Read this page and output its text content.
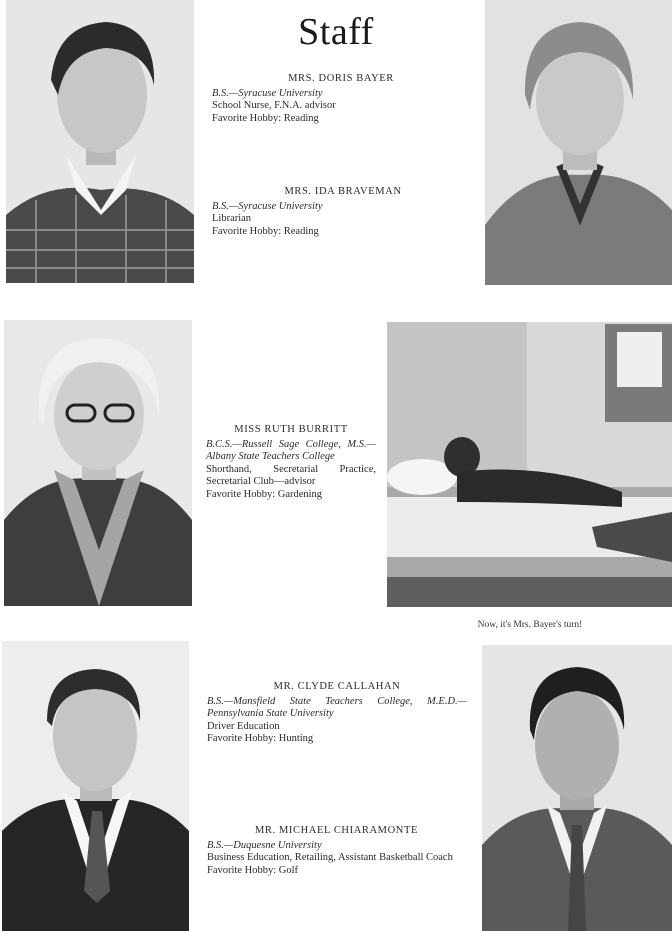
Staff
MRS. DORIS BAYER
B.S.—Syracuse University
School Nurse, F.N.A. advisor
Favorite Hobby: Reading
MRS. IDA BRAVEMAN
B.S.—Syracuse University
Librarian
Favorite Hobby: Reading
MISS RUTH BURRITT
B.C.S.—Russell Sage College, M.S.—Albany State Teachers College
Shorthand, Secretarial Practice, Secretarial Club—advisor
Favorite Hobby: Gardening
Now, it's Mrs. Bayer's turn!
MR. CLYDE CALLAHAN
B.S.—Mansfield State Teachers College, M.E.D.—Pennsylvania State University
Driver Education
Favorite Hobby: Hunting
MR. MICHAEL CHIARAMONTE
B.S.—Duquesne University
Business Education, Retailing, Assistant Basketball Coach
Favorite Hobby: Golf
